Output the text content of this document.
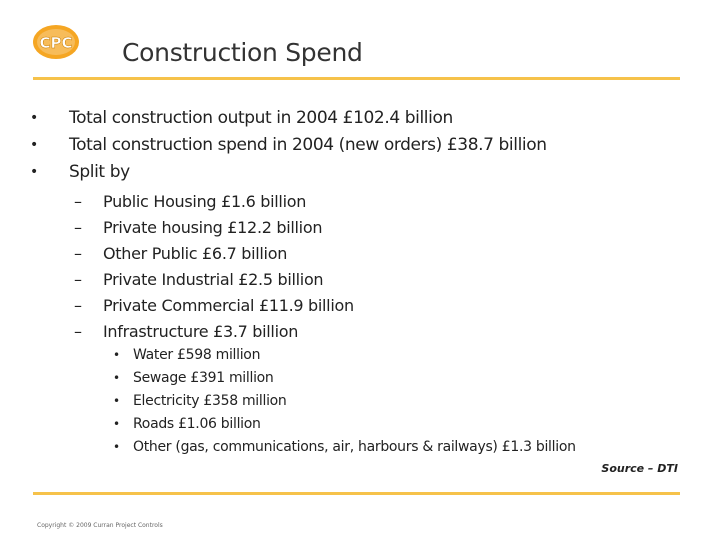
CPC Construction Spend
• Total construction output in 2004 £102.4 billion
• Total construction spend in 2004 (new orders) £38.7 billion
• Split by
– Public Housing £1.6 billion
– Private housing £12.2 billion
– Other Public £6.7 billion
– Private Industrial £2.5 billion
– Private Commercial £11.9 billion
– Infrastructure £3.7 billion
• Water £598 million
• Sewage £391 million
• Electricity £358 million
• Roads £1.06 billion
• Other (gas, communications, air, harbours & railways) £1.3 billion
Source – DTI
Copyright © 2009 Curran Project Controls
